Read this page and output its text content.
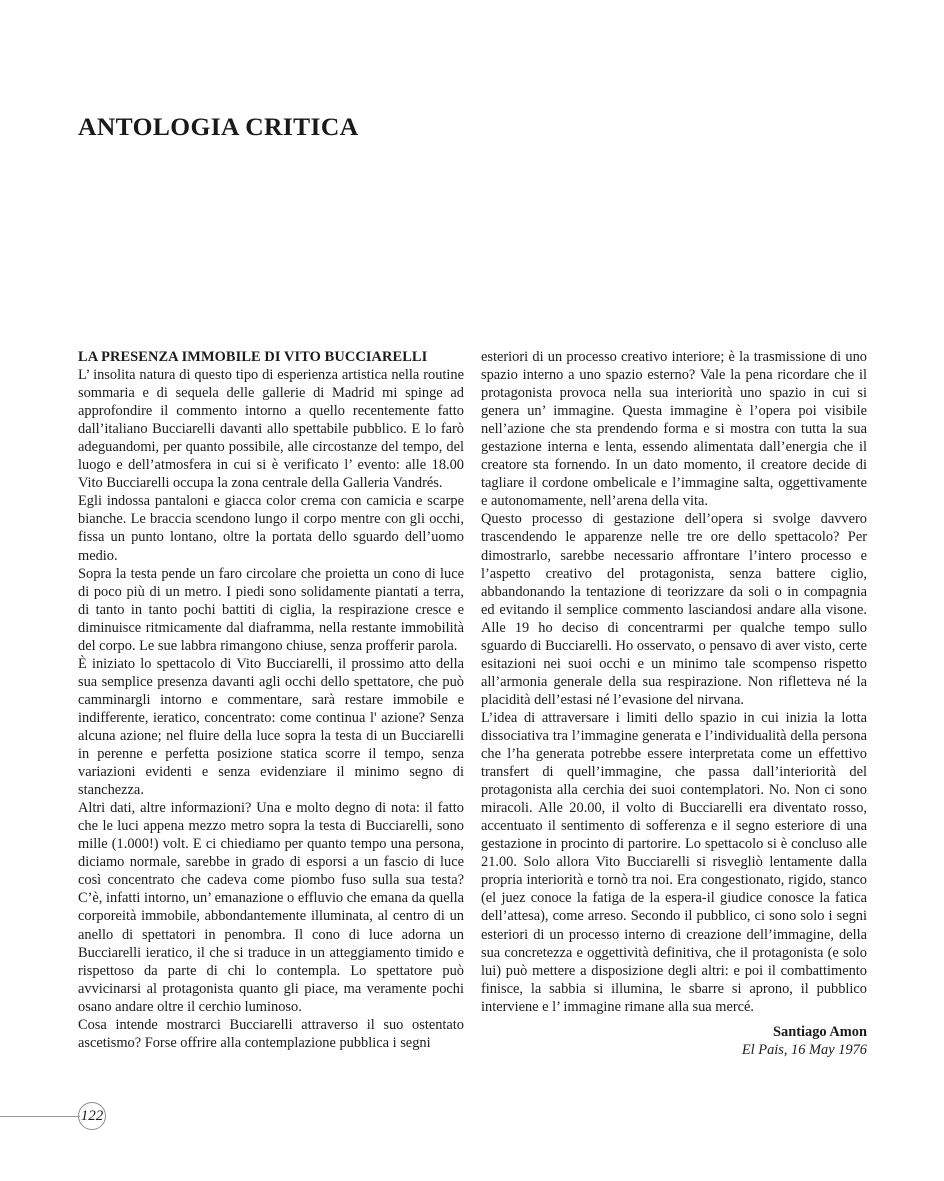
ANTOLOGIA CRITICA
LA PRESENZA IMMOBILE DI VITO BUCCIARELLI

L’ insolita natura di questo tipo di esperienza artistica nella routine sommaria e di sequela delle gallerie di Madrid mi spinge ad approfondire il commento intorno a quello recentemente fatto dall’italiano Bucciarelli davanti allo spettabile pubblico. E lo farò adeguandomi, per quanto possibile, alle circostanze del tempo, del luogo e dell’atmosfera in cui si è verificato l’ evento: alle 18.00 Vito Bucciarelli occupa la zona centrale della Galleria Vandrés.

Egli indossa pantaloni e giacca color crema con camicia e scarpe bianche. Le braccia scendono lungo il corpo mentre con gli occhi, fissa un punto lontano, oltre la portata dello sguardo dell’uomo medio.

Sopra la testa pende un faro circolare che proietta un cono di luce di poco più di un metro. I piedi sono solidamente piantati a terra, di tanto in tanto pochi battiti di ciglia, la respirazione cresce e diminuisce ritmicamente dal diaframma, nella restante immobilità del corpo. Le sue labbra rimangono chiuse, senza profferir parola.

È iniziato lo spettacolo di Vito Bucciarelli, il prossimo atto della sua semplice presenza davanti agli occhi dello spettatore, che può camminargli intorno e commentare, sarà restare immobile e indifferente, ieratico, concentrato: come continua l' azione? Senza alcuna azione; nel fluire della luce sopra la testa di un Bucciarelli in perenne e perfetta posizione statica scorre il tempo, senza variazioni evidenti e senza evidenziare il minimo segno di stanchezza.

Altri dati, altre informazioni? Una e molto degno di nota: il fatto che le luci appena mezzo metro sopra la testa di Bucciarelli, sono mille (1.000!) volt. E ci chiediamo per quanto tempo una persona, diciamo normale, sarebbe in grado di esporsi a un fascio di luce così concentrato che cadeva come piombo fuso sulla sua testa? C’è, infatti intorno, un’ emanazione o effluvio che emana da quella corporeità immobile, abbondantemente illuminata, al centro di un anello di spettatori in penombra. Il cono di luce adorna un Bucciarelli ieratico, il che si traduce in un atteggiamento timido e rispettoso da parte di chi lo contempla. Lo spettatore può avvicinarsi al protagonista quanto gli piace, ma veramente pochi osano andare oltre il cerchio luminoso.

Cosa intende mostrarci Bucciarelli attraverso il suo ostentato ascetismo? Forse offrire alla contemplazione pubblica i segni

esteriori di un processo creativo interiore; è la trasmissione di uno spazio interno a uno spazio esterno? Vale la pena ricordare che il protagonista provoca nella sua interiorità uno spazio in cui si genera un’ immagine. Questa immagine è l’opera poi visibile nell’azione che sta prendendo forma e si mostra con tutta la sua gestazione interna e lenta, essendo alimentata dall’energia che il creatore sta fornendo. In un dato momento, il creatore decide di tagliare il cordone ombelicale e l’immagine salta, oggettivamente e autonomamente, nell’arena della vita.

Questo processo di gestazione dell’opera si svolge davvero trascendendo le apparenze nelle tre ore dello spettacolo? Per dimostrarlo, sarebbe necessario affrontare l’intero processo e l’aspetto creativo del protagonista, senza battere ciglio, abbandonando la tentazione di teorizzare da soli o in compagnia ed evitando il semplice commento lasciandosi andare alla visone. Alle 19 ho deciso di concentrarmi per qualche tempo sullo sguardo di Bucciarelli. Ho osservato, o pensavo di aver visto, certe esitazioni nei suoi occhi e un minimo tale scompenso rispetto all’armonia generale della sua respirazione. Non rifletteva né la placidità dell’estasi né l’evasione del nirvana.

L’idea di attraversare i limiti dello spazio in cui inizia la lotta dissociativa tra l’immagine generata e l’individualità della persona che l’ha generata potrebbe essere interpretata come un effettivo transfert di quell’immagine, che passa dall’interiorità del protagonista alla cerchia dei suoi contemplatori. No. Non ci sono miracoli. Alle 20.00, il volto di Bucciarelli era diventato rosso, accentuato il sentimento di sofferenza e il segno esteriore di una gestazione in procinto di partorire. Lo spettacolo si è concluso alle 21.00. Solo allora Vito Bucciarelli si risvegliò lentamente dalla propria interiorità e tornò tra noi. Era congestionato, rigido, stanco (el juez conoce la fatiga de la espera-il giudice conosce la fatica dell’attesa), come arreso. Secondo il pubblico, ci sono solo i segni esteriori di un processo interno di creazione dell’immagine, della sua concretezza e oggettività definitiva, che il protagonista (e solo lui) può mettere a disposizione degli altri: e poi il combattimento finisce, la sabbia si illumina, le sbarre si aprono, il pubblico interviene e l’ immagine rimane alla sua mercé.

Santiago Amon
El Pais, 16 May 1976
122
